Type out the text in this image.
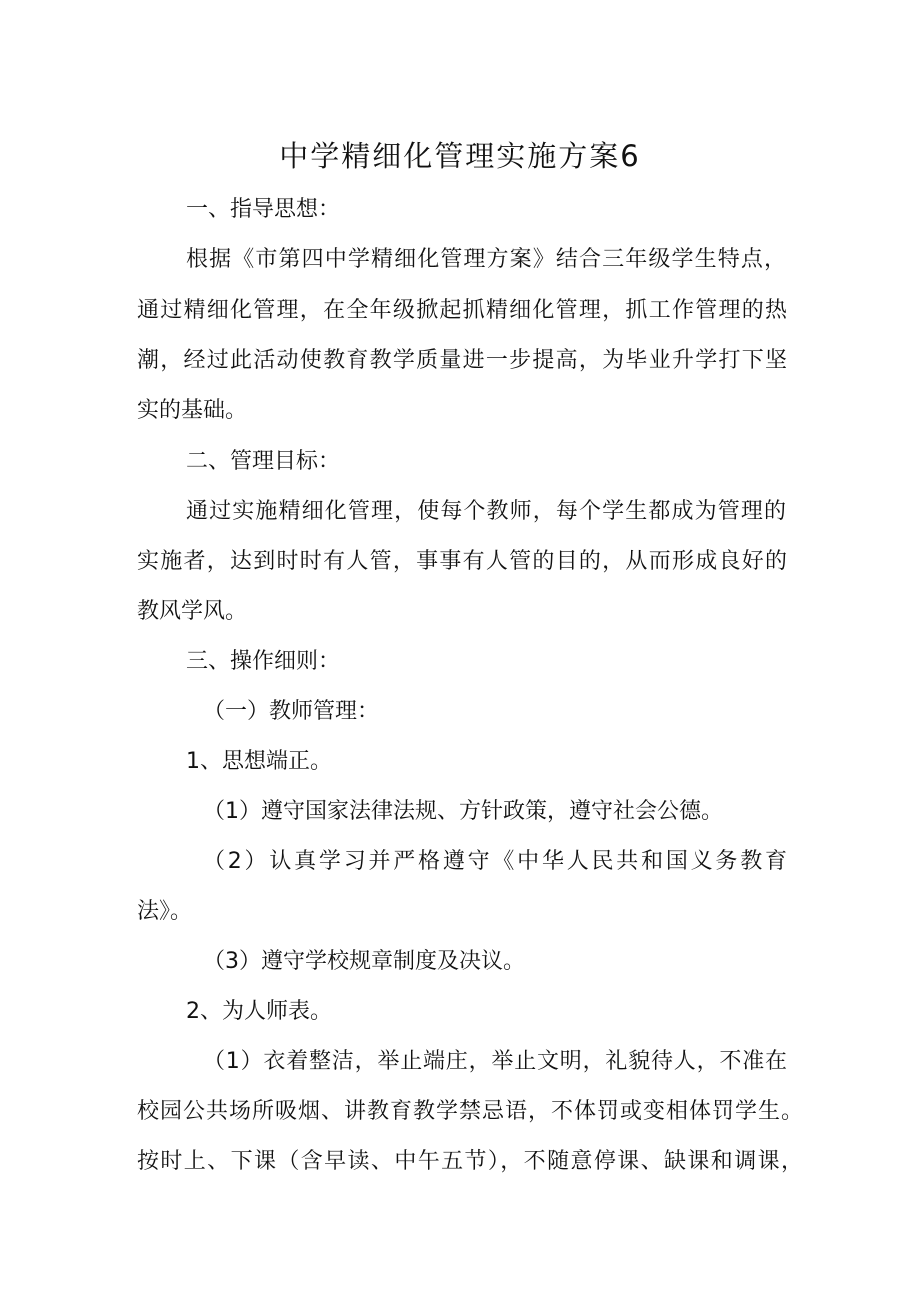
中学精细化管理实施方案6

一、指导思想：

根据《市第四中学精细化管理方案》结合三年级学生特点，

通过精细化管理，在全年级掀起抓精细化管理，抓工作管理的热

潮，经过此活动使教育教学质量进一步提高，为毕业升学打下坚

实的基础。

二、管理目标：

通过实施精细化管理，使每个教师，每个学生都成为管理的

实施者，达到时时有人管，事事有人管的目的，从而形成良好的

教风学风。

三、操作细则：

（一）教师管理：

1、思想端正。

（1）遵守国家法律法规、方针政策，遵守社会公德。

（2）认真学习并严格遵守《中华人民共和国义务教育

法》。

（3）遵守学校规章制度及决议。

2、为人师表。

（1）衣着整洁，举止端庄，举止文明，礼貌待人，不准在

校园公共场所吸烟、讲教育教学禁忌语，不体罚或变相体罚学生。

按时上、下课（含早读、中午五节），不随意停课、缺课和调课，
